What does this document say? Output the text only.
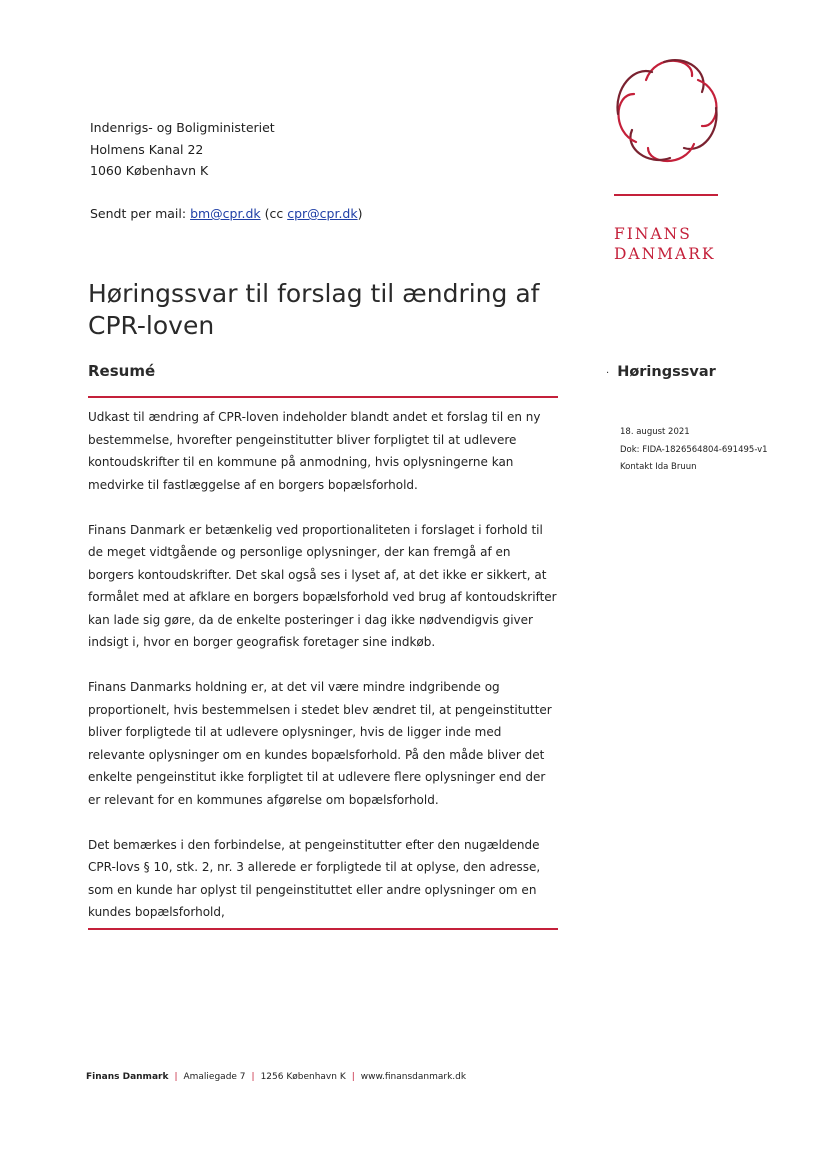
Indenrigs- og Boligministeriet
Holmens Kanal 22
1060 København K
Sendt per mail: bm@cpr.dk (cc cpr@cpr.dk)
FINANS
DANMARK
Høringssvar til forslag til ændring af CPR-loven
Resumé

Udkast til ændring af CPR-loven indeholder blandt andet et forslag til en ny bestemmelse, hvorefter pengeinstitutter bliver forpligtet til at udlevere kontoudskrifter til en kommune på anmodning, hvis oplysningerne kan medvirke til fastlæggelse af en borgers bopælsforhold.

Finans Danmark er betænkelig ved proportionaliteten i forslaget i forhold til de meget vidtgående og personlige oplysninger, der kan fremgå af en borgers kontoudskrifter. Det skal også ses i lyset af, at det ikke er sikkert, at formålet med at afklare en borgers bopælsforhold ved brug af kontoudskrifter kan lade sig gøre, da de enkelte posteringer i dag ikke nødvendigvis giver indsigt i, hvor en borger geografisk foretager sine indkøb.

Finans Danmarks holdning er, at det vil være mindre indgribende og proportionelt, hvis bestemmelsen i stedet blev ændret til, at pengeinstitutter bliver forpligtede til at udlevere oplysninger, hvis de ligger inde med relevante oplysninger om en kundes bopælsforhold. På den måde bliver det enkelte pengeinstitut ikke forpligtet til at udlevere flere oplysninger end der er relevant for en kommunes afgørelse om bopælsforhold.

Det bemærkes i den forbindelse, at pengeinstitutter efter den nugældende CPR-lovs § 10, stk. 2, nr. 3 allerede er forpligtede til at oplyse, den adresse, som en kunde har oplyst til pengeinstituttet eller andre oplysninger om en kundes bopælsforhold,

· Høringssvar
18. august 2021
Dok: FIDA-1826564804-691495-v1
Kontakt Ida Bruun
Finans Danmark | Amaliegade 7 | 1256 København K | www.finansdanmark.dk
